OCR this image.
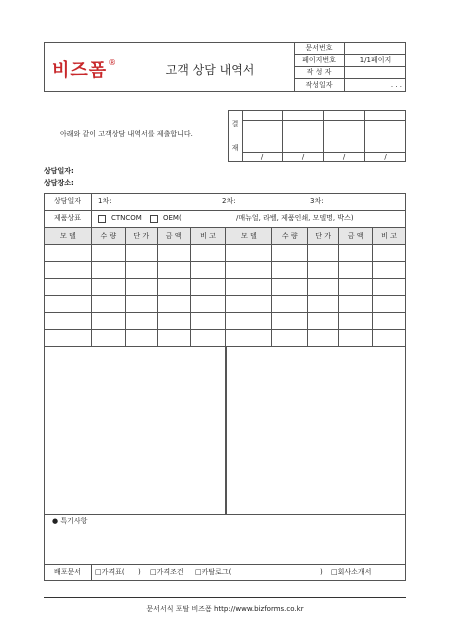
비즈폼 ®	고객 상담 내역서
문서번호
페이지번호	1/1페이지
작 성 자
작성일자	. . .
결
재
/	/	/	/
아래와 같이 고객상담 내역서를 제출합니다.
상담일자:
상담장소:
상담일자	1차:	2차:	3차:
제품상표	CTNCOM	OEM(	/매뉴얼, 라벨, 제품인쇄, 모델명, 박스)
모 델	수 량	단 가	금 액	비 고	모 델	수 량	단 가	금 액	비 고

● 특기사항
배포문서	□가격표( ) □가격조건 □카탈로그(	) □회사소개서
문서서식 포탈 비즈폼 http://www.bizforms.co.kr
